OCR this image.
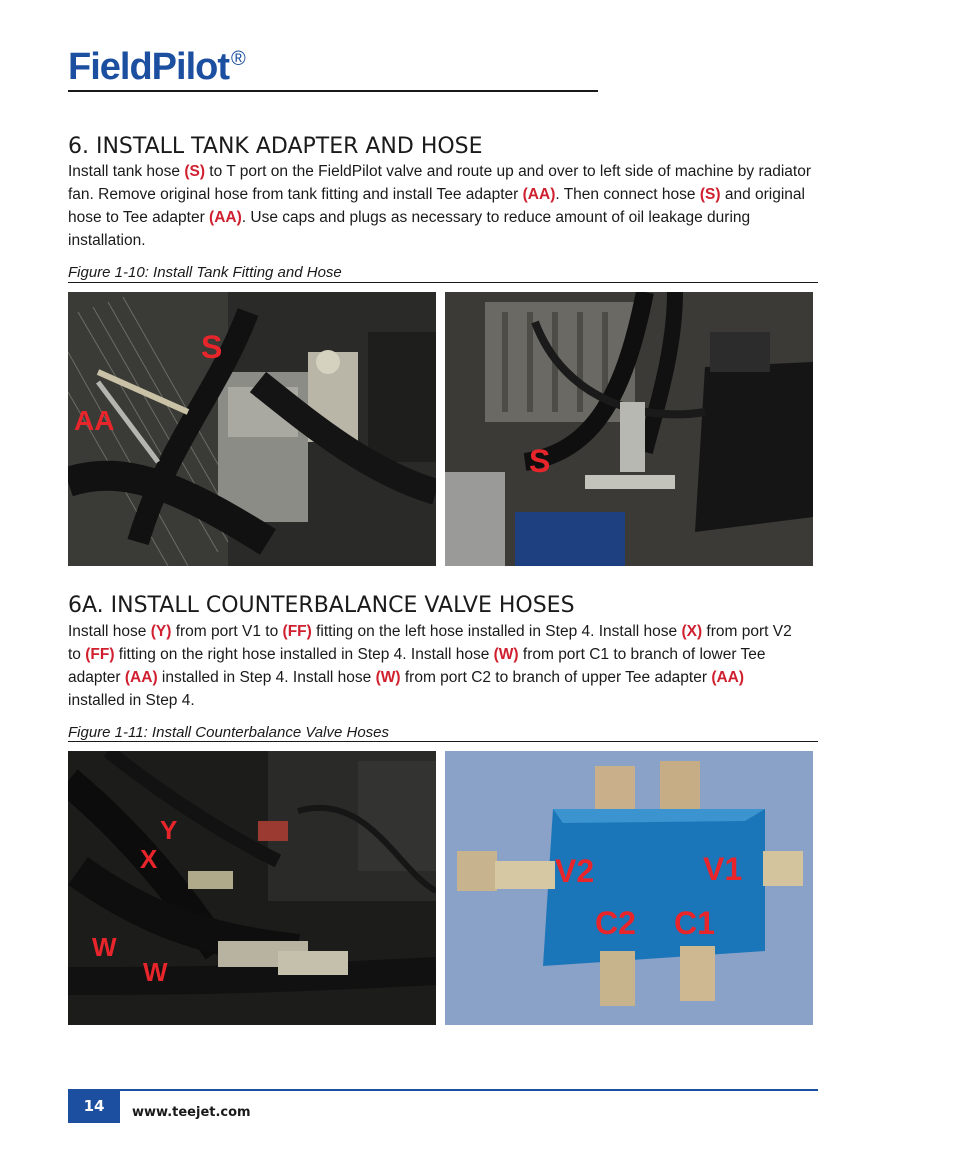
FieldPilot ®
6. INSTALL TANK ADAPTER AND HOSE
Install tank hose (S) to T port on the FieldPilot valve and route up and over to left side of machine by radiator fan. Remove original hose from tank fitting and install Tee adapter (AA). Then connect hose (S) and original hose to Tee adapter (AA). Use caps and plugs as necessary to reduce amount of oil leakage during installation.
Figure 1-10: Install Tank Fitting and Hose
S
AA
S
6A. INSTALL COUNTERBALANCE VALVE HOSES
Install hose (Y) from port V1 to (FF) fitting on the left hose installed in Step 4. Install hose (X) from port V2 to (FF) fitting on the right hose installed in Step 4. Install hose (W) from port C1 to branch of lower Tee adapter (AA) installed in Step 4. Install hose (W) from port C2 to branch of upper Tee adapter (AA) installed in Step 4.
Figure 1-11: Install Counterbalance Valve Hoses
Y
X
W
W
V2	V1
C2 C1
14	www.teejet.com
